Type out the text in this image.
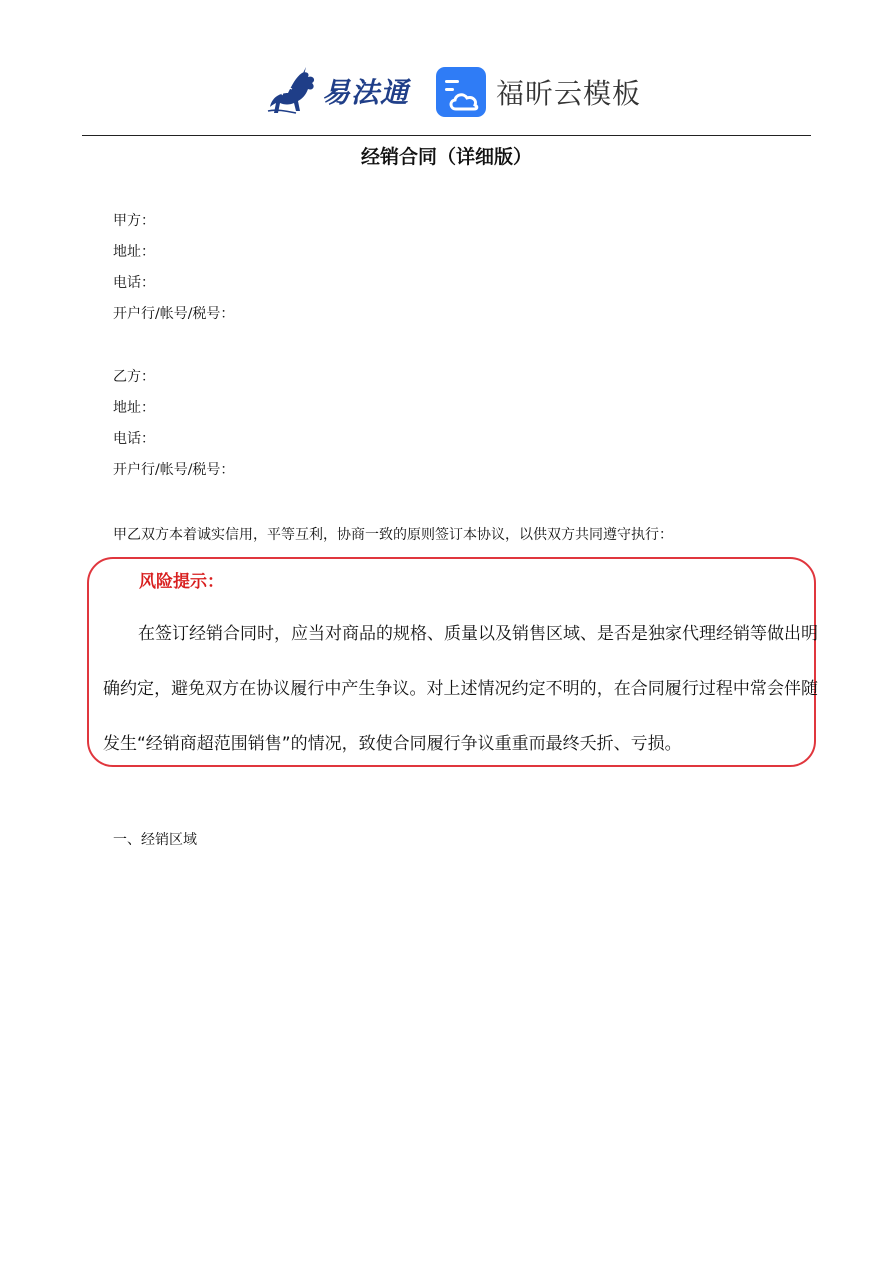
易法通	福昕云模板
经销合同（详细版）
甲方：
地址：
电话：
开户行/帐号/税号：
乙方：
地址：
电话：
开户行/帐号/税号：
甲乙双方本着诚实信用，平等互利，协商一致的原则签订本协议，以供双方共同遵守执行：
风险提示：
在签订经销合同时，应当对商品的规格、质量以及销售区域、是否是独家代理经销等做出明确约定，避免双方在协议履行中产生争议。对上述情况约定不明的，在合同履行过程中常会伴随发生“经销商超范围销售”的情况，致使合同履行争议重重而最终夭折、亏损。
一、经销区域
